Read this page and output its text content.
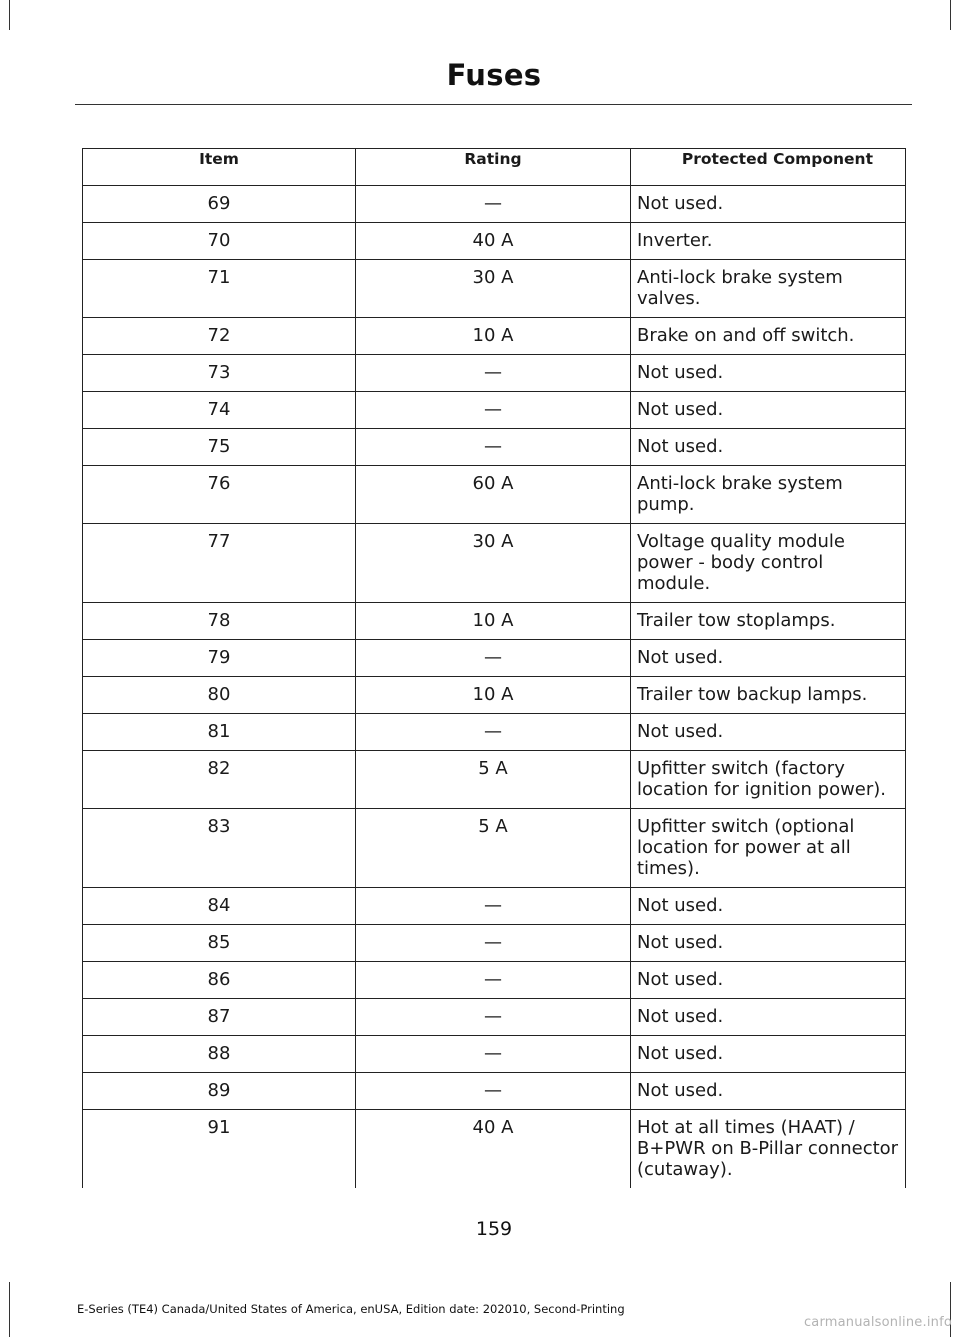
Fuses
Item	Rating	Protected Component
69	—	Not used.
70	40 A	Inverter.
71	30 A	Anti-lock brake system valves.
72	10 A	Brake on and off switch.
73	—	Not used.
74	—	Not used.
75	—	Not used.
76	60 A	Anti-lock brake system pump.
77	30 A	Voltage quality module power - body control module.
78	10 A	Trailer tow stoplamps.
79	—	Not used.
80	10 A	Trailer tow backup lamps.
81	—	Not used.
82	5 A	Upfitter switch (factory location for ignition power).
83	5 A	Upfitter switch (optional location for power at all times).
84	—	Not used.
85	—	Not used.
86	—	Not used.
87	—	Not used.
88	—	Not used.
89	—	Not used.
91	40 A	Hot at all times (HAAT) / B+PWR on B-Pillar connector (cutaway).
159
E-Series (TE4) Canada/United States of America, enUSA, Edition date: 202010, Second-Printing
carmanualsonline.info
